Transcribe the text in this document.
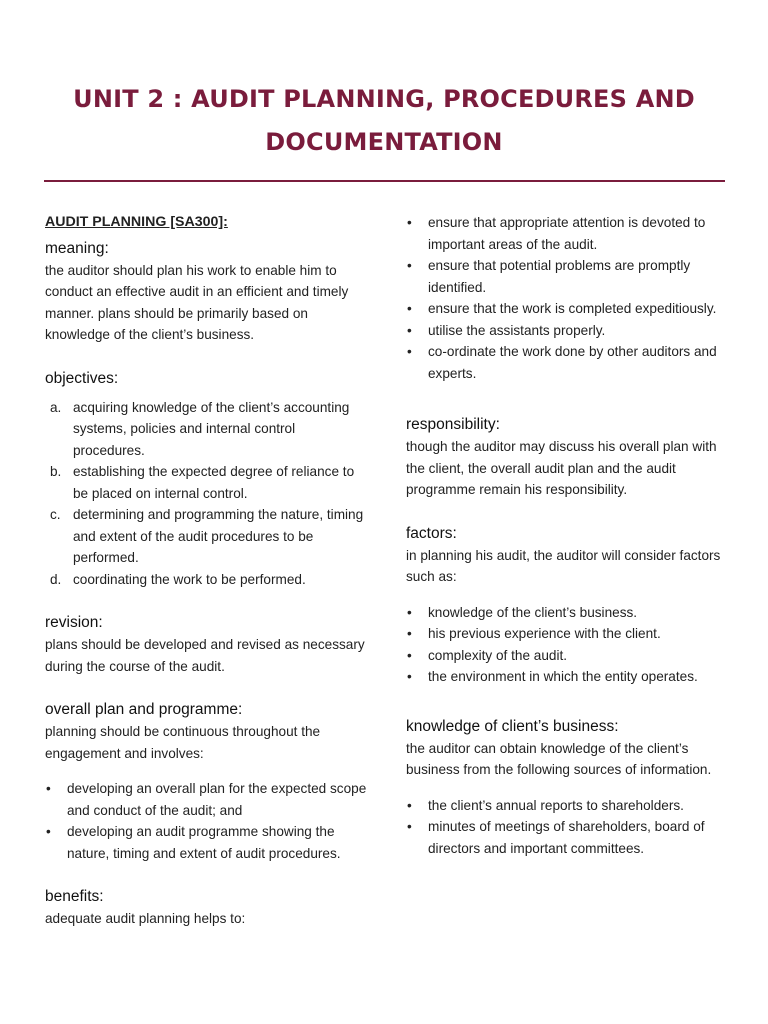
UNIT 2 : AUDIT PLANNING, PROCEDURES AND
DOCUMENTATION
AUDIT PLANNING [SA300]:
meaning:

the auditor should plan his work to enable him to conduct an effective audit in an efficient and timely manner. plans should be primarily based on knowledge of the client’s business.

objectives:
a. acquiring knowledge of the client’s accounting systems, policies and internal control procedures.
b. establishing the expected degree of reliance to be placed on internal control.
c. determining and programming the nature, timing and extent of the audit procedures to be performed.
d. coordinating the work to be performed.
revision:

plans should be developed and revised as necessary during the course of the audit.

overall plan and programme:

planning should be continuous throughout the engagement and involves:

• developing an overall plan for the expected scope and conduct of the audit; and
• developing an audit programme showing the nature, timing and extent of audit procedures.
benefits:

adequate audit planning helps to:

• ensure that appropriate attention is devoted to important areas of the audit.
• ensure that potential problems are promptly identified.
• ensure that the work is completed expeditiously.
• utilise the assistants properly.
• co-ordinate the work done by other auditors and experts.
responsibility:

though the auditor may discuss his overall plan with the client, the overall audit plan and the audit programme remain his responsibility.

factors:

in planning his audit, the auditor will consider factors such as:

• knowledge of the client’s business.
• his previous experience with the client.
• complexity of the audit.
• the environment in which the entity operates.
knowledge of client’s business:

the auditor can obtain knowledge of the client’s business from the following sources of information.

• the client’s annual reports to shareholders.
• minutes of meetings of shareholders, board of directors and important committees.
